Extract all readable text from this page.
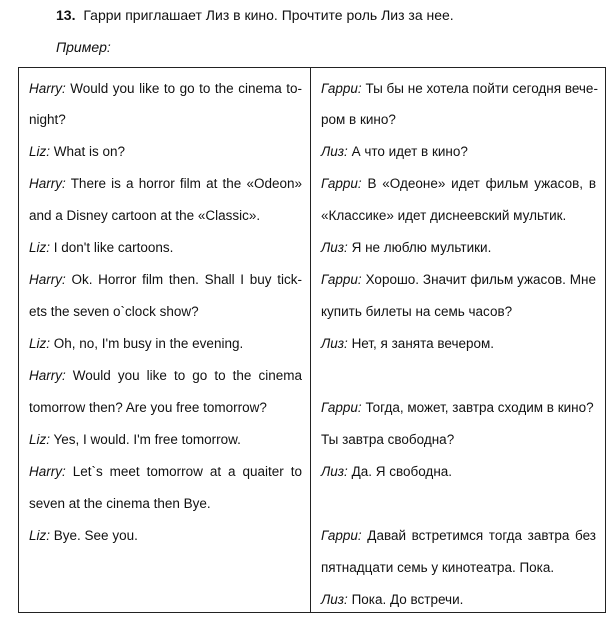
13. Гарри приглашает Лиз в кино. Прочтите роль Лиз за нее.
Пример:
Harry: Would you like to go to the cinema to-
night?
Liz: What is on?
Harry: There is a horror film at the «Odeon»
and a Disney cartoon at the «Classic».
Liz: I don't like cartoons.
Harry: Ok. Horror film then. Shall I buy tick-
ets the seven o`clock show?
Liz: Oh, no, I'm busy in the evening.
Harry: Would you like to go to the cinema
tomorrow then? Are you free tomorrow?
Liz: Yes, I would. I'm free tomorrow.
Harry: Let`s meet tomorrow at a quaiter to
seven at the cinema then Bye.
Liz: Bye. See you.
Гарри: Ты бы не хотела пойти сегодня вече-
ром в кино?
Лиз: А что идет в кино?
Гарри: В «Одеоне» идет фильм ужасов, в
«Классике» идет диснеевский мультик.
Лиз: Я не люблю мультики.
Гарри: Хорошо. Значит фильм ужасов. Мне
купить билеты на семь часов?
Лиз: Нет, я занята вечером.
Гарри: Тогда, может, завтра сходим в кино?
Ты завтра свободна?
Лиз: Да. Я свободна.
Гарри: Давай встретимся тогда завтра без
пятнадцати семь у кинотеатра. Пока.
Лиз: Пока. До встречи.
